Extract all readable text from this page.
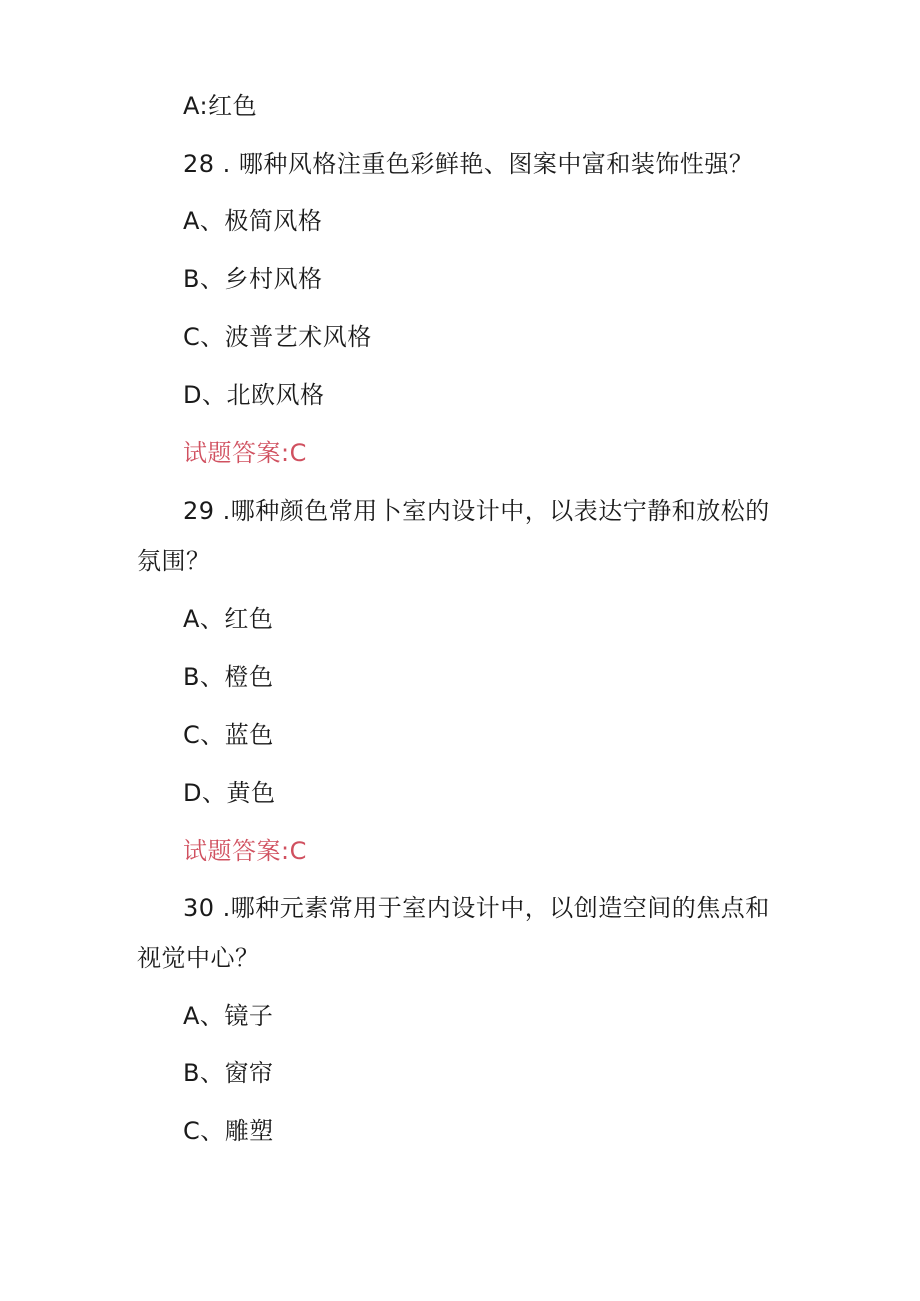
A:红色
28 . 哪种风格注重色彩鲜艳、图案中富和装饰性强？
A、极简风格
B、乡村风格
C、波普艺术风格
D、北欧风格
试题答案:C
29 .哪种颜色常用卜室内设计中，以表达宁静和放松的
氛围？
A、红色
B、橙色
C、蓝色
D、黄色
试题答案:C
30 .哪种元素常用于室内设计中，以创造空间的焦点和
视觉中心？
A、镜子
B、窗帘
C、雕塑
